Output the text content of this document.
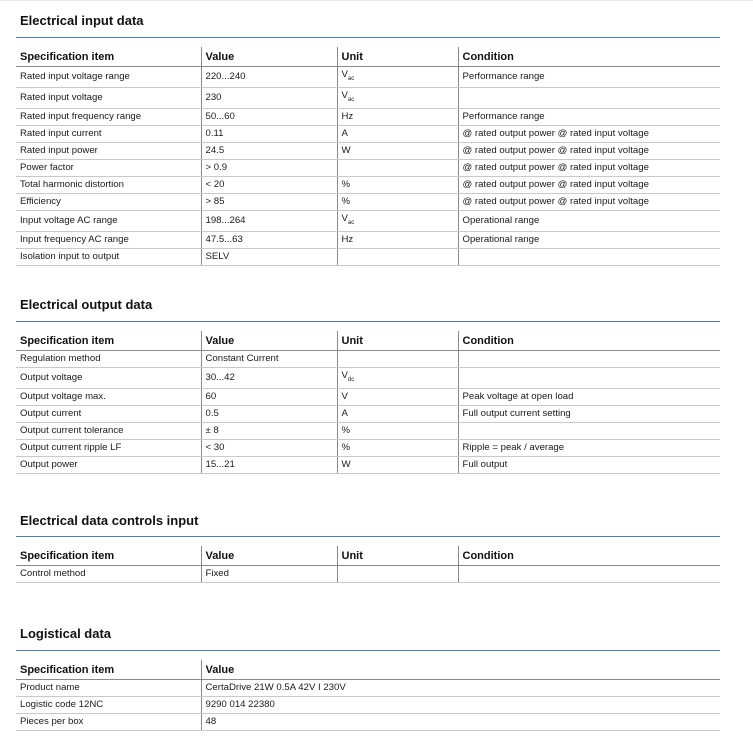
Electrical input data
Specification item	Value	Unit	Condition
Rated input voltage range	220...240	$V_{ac}$	Performance range
Rated input voltage	230	$V_{ac}$	
Rated input frequency range	50...60	Hz	Performance range
Rated input current	0.11	A	@ rated output power @ rated input voltage
Rated input power	24.5	W	@ rated output power @ rated input voltage
Power factor	> 0.9		@ rated output power @ rated input voltage
Total harmonic distortion	< 20	%	@ rated output power @ rated input voltage
Efficiency	> 85	%	@ rated output power @ rated input voltage
Input voltage AC range	198...264	$V_{ac}$	Operational range
Input frequency AC range	47.5...63	Hz	Operational range
Isolation input to output	SELV		
Electrical output data
Specification item	Value	Unit	Condition
Regulation method	Constant Current		
Output voltage	30...42	$V_{dc}$	
Output voltage max.	60	V	Peak voltage at open load
Output current	0.5	A	Full output current setting
Output current tolerance	± 8	%	
Output current ripple LF	< 30	%	Ripple = peak / average
Output power	15...21	W	Full output
Electrical data controls input
Specification item	Value	Unit	Condition
Control method	Fixed		
Logistical data
Specification item	Value
Product name	CertaDrive 21W 0.5A 42V I 230V
Logistic code 12NC	9290 014 22380
Pieces per box	48
